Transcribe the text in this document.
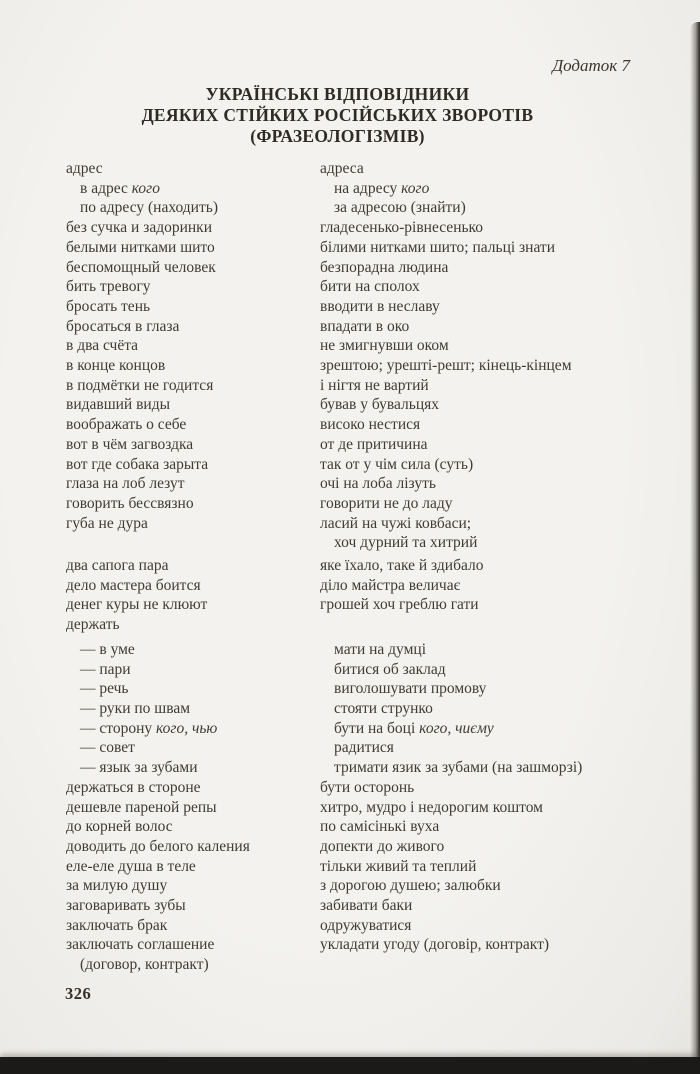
Додаток 7
УКРАЇНСЬКІ ВІДПОВІДНИКИ
ДЕЯКИХ СТІЙКИХ РОСІЙСЬКИХ ЗВОРОТІВ
(ФРАЗЕОЛОГІЗМІВ)
адрес	адреса
в адрес кого	на адресу кого
по адресу (находить)	за адресою (знайти)
без сучка и задоринки	гладесенько-рівнесенько
белыми нитками шито	білими нитками шито; пальці знати
беспомощный человек	безпорадна людина
бить тревогу	бити на сполох
бросать тень	вводити в неславу
бросаться в глаза	впадати в око
в два счёта	не змигнувши оком
в конце концов	зрештою; урешті-решт; кінець-кінцем
в подмётки не годится	і нігтя не вартий
видавший виды	бував у бувальцях
воображать о себе	високо нестися
вот в чём загвоздка	от де притичина
вот где собака зарыта	так от у чім сила (суть)
глаза на лоб лезут	очі на лоба лізуть
говорить бессвязно	говорити не до ладу
губа не дура	ласий на чужі ковбаси;
хоч дурний та хитрий
два сапога пара	яке їхало, таке й здибало
дело мастера боится	діло майстра величає
денег куры не клюют	грошей хоч греблю гати
держать
— в уме	мати на думці
— пари	битися об заклад
— речь	виголошувати промову
— руки по швам	стояти струнко
— сторону кого, чью	бути на боці кого, чиєму
— совет	радитися
— язык за зубами	тримати язик за зубами (на зашморзі)
держаться в стороне	бути осторонь
дешевле пареной репы	хитро, мудро і недорогим коштом
до корней волос	по самісінькі вуха
доводить до белого каления	допекти до живого
еле-еле душа в теле	тільки живий та теплий
за милую душу	з дорогою душею; залюбки
заговаривать зубы	забивати баки
заключать брак	одружуватися
заключать соглашение	укладати угоду (договір, контракт)
(договор, контракт)
326
